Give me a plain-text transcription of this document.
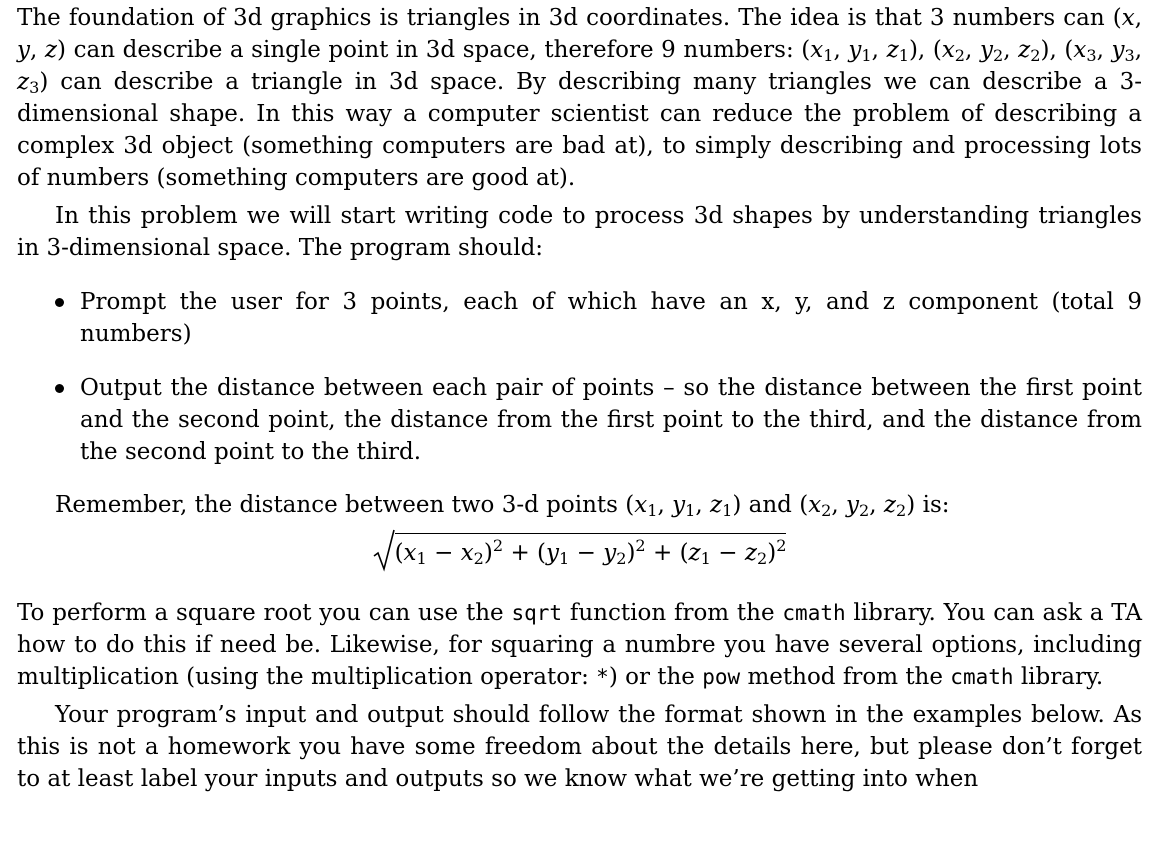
The foundation of 3d graphics is triangles in 3d coordinates. The idea is that 3 numbers can (x, y, z) can describe a single point in 3d space, therefore 9 numbers: ($x_1$, $y_1$, $z_1$), ($x_2$, $y_2$, $z_2$), ($x_3$, $y_3$, $z_3$) can describe a triangle in 3d space. By describing many triangles we can describe a 3-dimensional shape. In this way a computer scientist can reduce the problem of describing a complex 3d object (something computers are bad at), to simply describing and processing lots of numbers (something computers are good at).

In this problem we will start writing code to process 3d shapes by understanding triangles in 3-dimensional space. The program should:

Prompt the user for 3 points, each of which have an x, y, and z component (total 9 numbers)
Output the distance between each pair of points – so the distance between the first point and the second point, the distance from the first point to the third, and the distance from the second point to the third.

Remember, the distance between two 3-d points ($x_1$, $y_1$, $z_1$) and ($x_2$, $y_2$, $z_2$) is:

$(x_1 - x_2)^2 + (y_1 - y_2)^2 + (z_1 - z_2)^2$

To perform a square root you can use the sqrt function from the cmath library. You can ask a TA how to do this if need be. Likewise, for squaring a numbre you have several options, including multiplication (using the multiplication operator: *) or the pow method from the cmath library.

Your program’s input and output should follow the format shown in the examples below. As this is not a homework you have some freedom about the details here, but please don’t forget to at least label your inputs and outputs so we know what we’re getting into when
